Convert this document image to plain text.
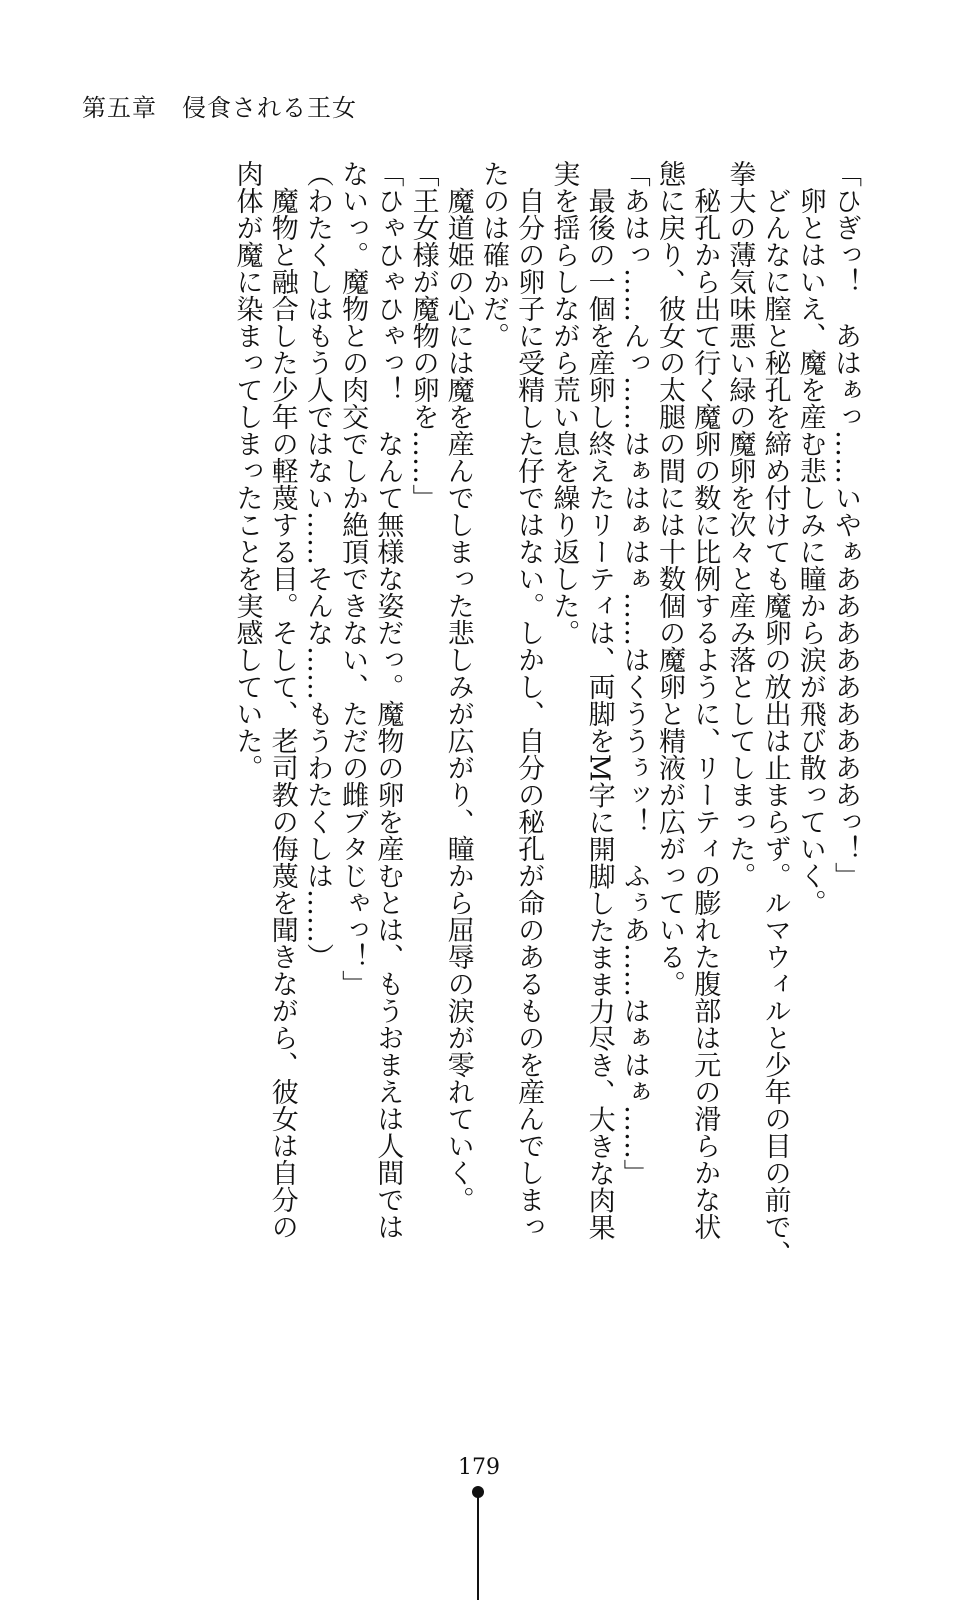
第五章　侵食される王女
「ひぎっ！　あはぁっ……いやぁあああああああああっ！」
　卵とはいえ、魔を産む悲しみに瞳から涙が飛び散っていく。
　どんなに膣と秘孔を締め付けても魔卵の放出は止まらず。ルマウィルと少年の目の前で、
拳大の薄気味悪い緑の魔卵を次々と産み落としてしまった。
　秘孔から出て行く魔卵の数に比例するように、リーティの膨れた腹部は元の滑らかな状
態に戻り、彼女の太腿の間には十数個の魔卵と精液が広がっている。
「あはっ……んっ……はぁはぁはぁ……はくううぅッ！　ふぅあ……はぁはぁ……」
　最後の一個を産卵し終えたリーティは、両脚をM字に開脚したまま力尽き、大きな肉果
実を揺らしながら荒い息を繰り返した。
　自分の卵子に受精した仔ではない。しかし、自分の秘孔が命のあるものを産んでしまっ
たのは確かだ。
　魔道姫の心には魔を産んでしまった悲しみが広がり、瞳から屈辱の涙が零れていく。
「王女様が魔物の卵を……」
「ひゃひゃひゃっ！　なんて無様な姿だっ。魔物の卵を産むとは、もうおまえは人間では
ないっ。魔物との肉交でしか絶頂できない、ただの雌ブタじゃっ！」
（わたくしはもう人ではない……そんな……もうわたくしは……）
　魔物と融合した少年の軽蔑する目。そして、老司教の侮蔑を聞きながら、彼女は自分の
肉体が魔に染まってしまったことを実感していた。
179
